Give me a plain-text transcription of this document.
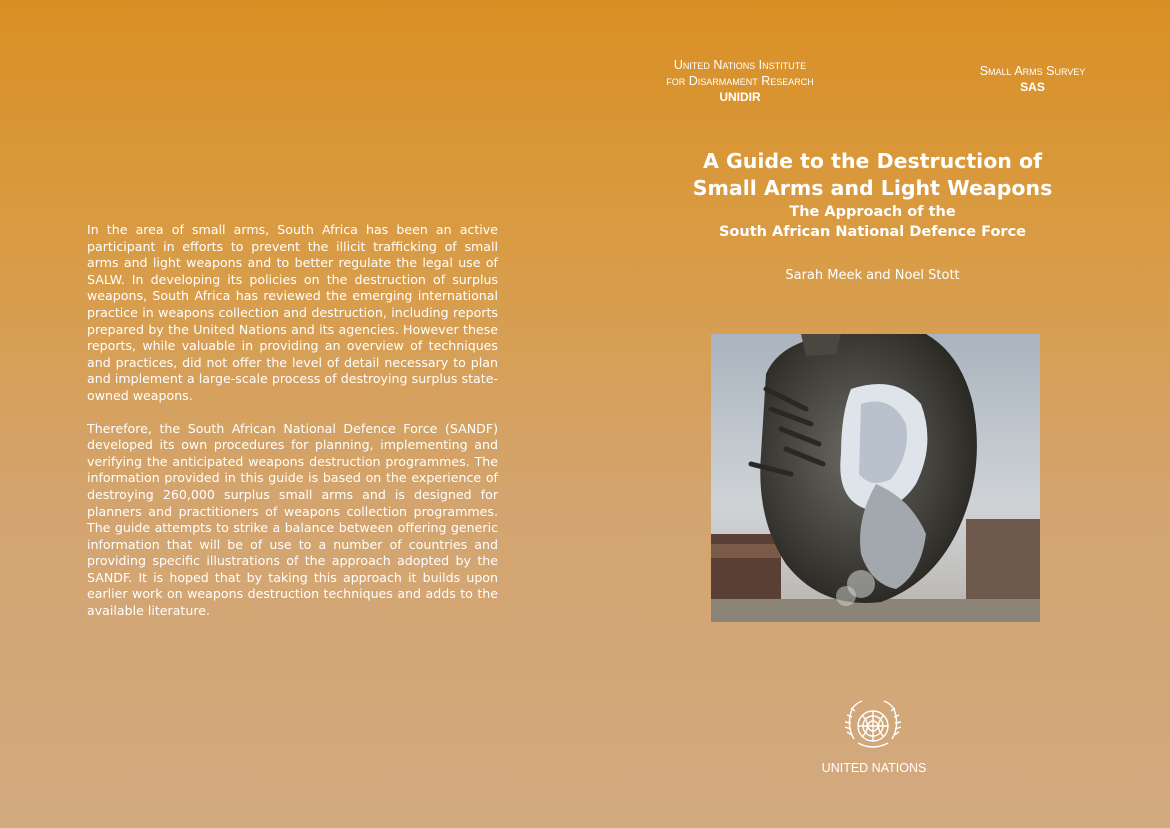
In the area of small arms, South Africa has been an active participant in efforts to prevent the illicit trafficking of small arms and light weapons and to better regulate the legal use of SALW. In developing its policies on the destruction of surplus weapons, South Africa has reviewed the emerging international practice in weapons collection and destruction, including reports prepared by the United Nations and its agencies. However these reports, while valuable in providing an overview of techniques and practices, did not offer the level of detail necessary to plan and implement a large-scale process of destroying surplus state-owned weapons.

Therefore, the South African National Defence Force (SANDF) developed its own procedures for planning, implementing and verifying the anticipated weapons destruction programmes. The information provided in this guide is based on the experience of destroying 260,000 surplus small arms and is designed for planners and practitioners of weapons collection programmes. The guide attempts to strike a balance between offering generic information that will be of use to a number of countries and providing specific illustrations of the approach adopted by the SANDF. It is hoped that by taking this approach it builds upon earlier work on weapons destruction techniques and adds to the available literature.

United Nations Institute
for Disarmament Research
UNIDIR
Small Arms Survey
SAS
A Guide to the Destruction of
Small Arms and Light Weapons
The Approach of the
South African National Defence Force
Sarah Meek and Noel Stott
UNITED NATIONS
